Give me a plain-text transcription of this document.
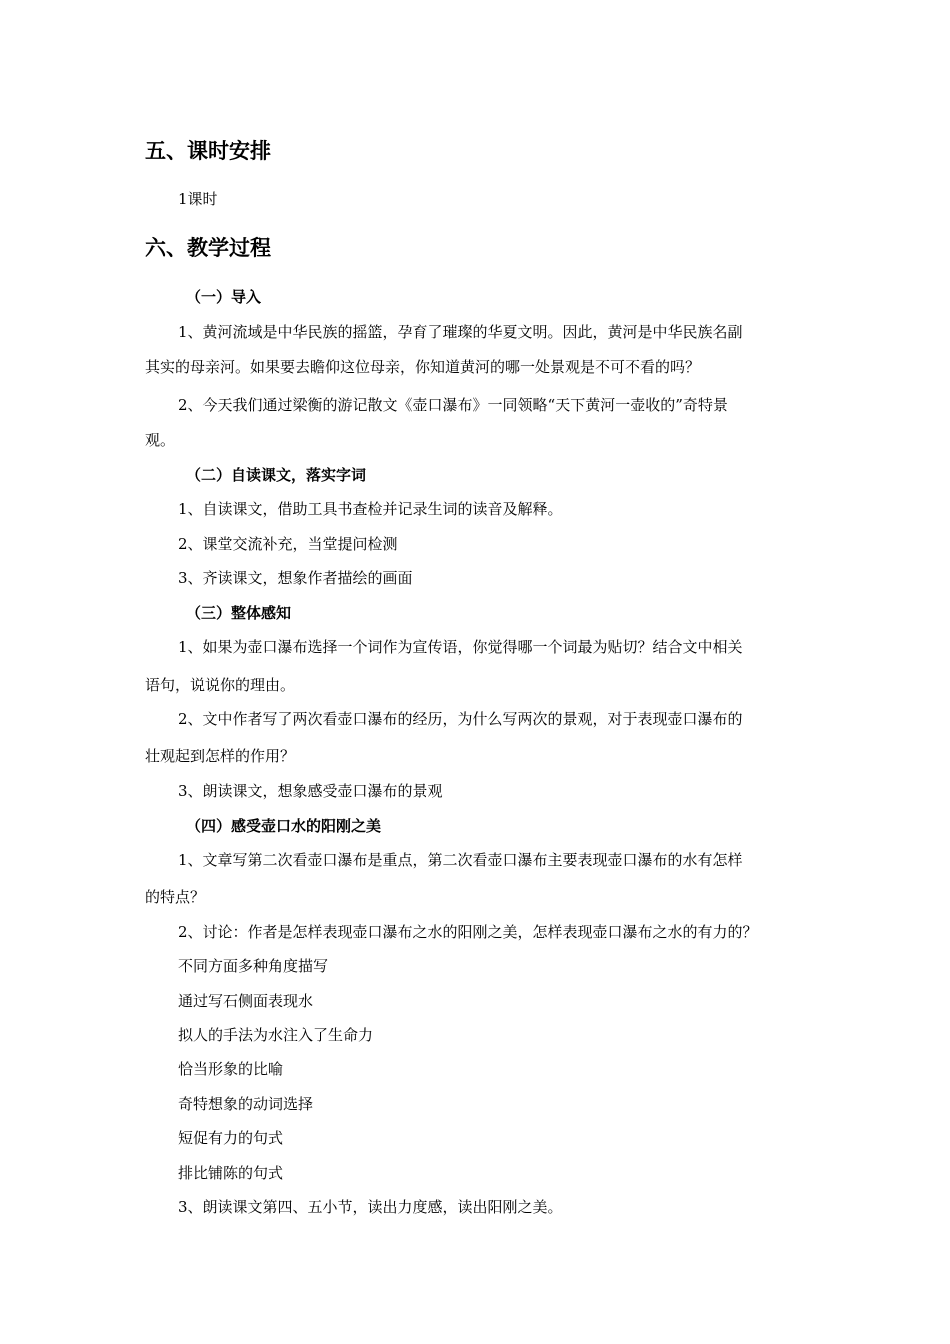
五、课时安排

1课时

六、教学过程
（一）导入

1、黄河流域是中华民族的摇篮，孕育了璀璨的华夏文明。因此，黄河是中华民族名副

其实的母亲河。如果要去瞻仰这位母亲，你知道黄河的哪一处景观是不可不看的吗？

2、今天我们通过梁衡的游记散文《壶口瀑布》一同领略“天下黄河一壶收的”奇特景

观。

（二）自读课文，落实字词

1、自读课文，借助工具书查检并记录生词的读音及解释。

2、课堂交流补充，当堂提问检测

3、齐读课文，想象作者描绘的画面

（三）整体感知

1、如果为壶口瀑布选择一个词作为宣传语，你觉得哪一个词最为贴切？结合文中相关

语句，说说你的理由。

2、文中作者写了两次看壶口瀑布的经历，为什么写两次的景观，对于表现壶口瀑布的

壮观起到怎样的作用？

3、朗读课文，想象感受壶口瀑布的景观

（四）感受壶口水的阳刚之美

1、文章写第二次看壶口瀑布是重点，第二次看壶口瀑布主要表现壶口瀑布的水有怎样

的特点？

2、讨论：作者是怎样表现壶口瀑布之水的阳刚之美，怎样表现壶口瀑布之水的有力的？

不同方面多种角度描写

通过写石侧面表现水

拟人的手法为水注入了生命力

恰当形象的比喻

奇特想象的动词选择

短促有力的句式

排比铺陈的句式

3、朗读课文第四、五小节，读出力度感，读出阳刚之美。
